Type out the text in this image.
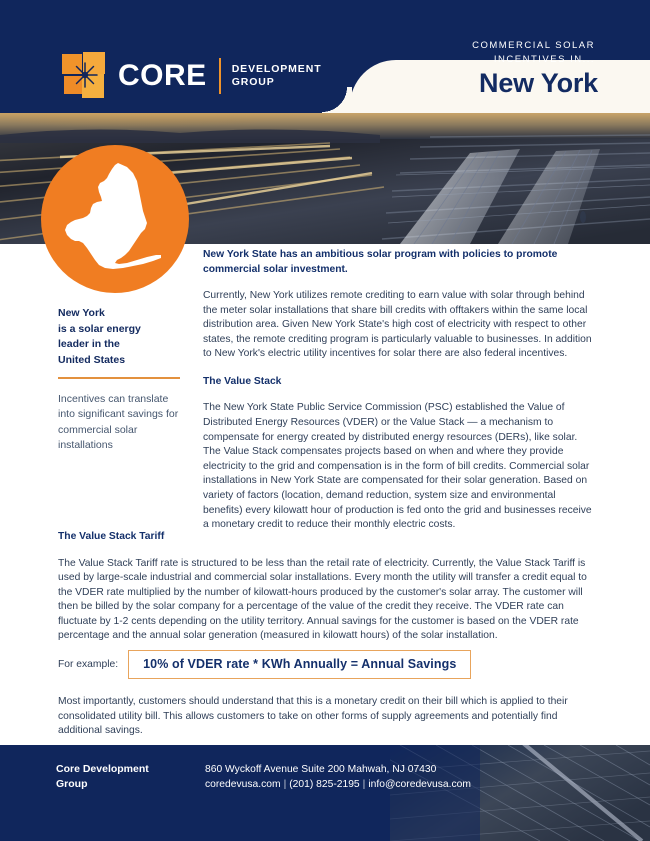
CORE DEVELOPMENT
GROUP
COMMERCIAL SOLAR
INCENTIVES IN...
New York
New York
is a solar energy
leader in the
United States
Incentives can translate into significant savings for commercial solar installations
New York State has an ambitious solar program with policies to promote commercial solar investment.

Currently, New York utilizes remote crediting to earn value with solar through behind the meter solar installations that share bill credits with offtakers within the same local distribution area. Given New York State's high cost of electricity with respect to other states, the remote crediting program is particularly valuable to businesses. In addition to New York's electric utility incentives for solar there are also federal incentives.

The Value Stack

The New York State Public Service Commission (PSC) established the Value of Distributed Energy Resources (VDER) or the Value Stack — a mechanism to compensate for energy created by distributed energy resources (DERs), like solar. The Value Stack compensates projects based on when and where they provide electricity to the grid and compensation is in the form of bill credits. Commercial solar installations in New York State are compensated for their solar generation. Based on variety of factors (location, demand reduction, system size and environmental benefits) every kilowatt hour of production is fed onto the grid and businesses receive a monetary credit to reduce their monthly electric costs.

The Value Stack Tariff

The Value Stack Tariff rate is structured to be less than the retail rate of electricity. Currently, the Value Stack Tariff is used by large-scale industrial and commercial solar installations. Every month the utility will transfer a credit equal to the VDER rate multiplied by the number of kilowatt-hours produced by the customer's solar array. The customer will then be billed by the solar company for a percentage of the value of the credit they receive. The VDER rate can fluctuate by 1-2 cents depending on the utility territory. Annual savings for the customer is based on the VDER rate percentage and the annual solar generation (measured in kilowatt hours) of the solar installation.

For example:	10% of VDER rate * KWh Annually = Annual Savings

Most importantly, customers should understand that this is a monetary credit on their bill which is applied to their consolidated utility bill. This allows customers to take on other forms of supply agreements and potentially find additional savings.

Core Development
Group
860 Wyckoff Avenue Suite 200 Mahwah, NJ 07430
coredevusa.com | (201) 825-2195 | info@coredevusa.com
